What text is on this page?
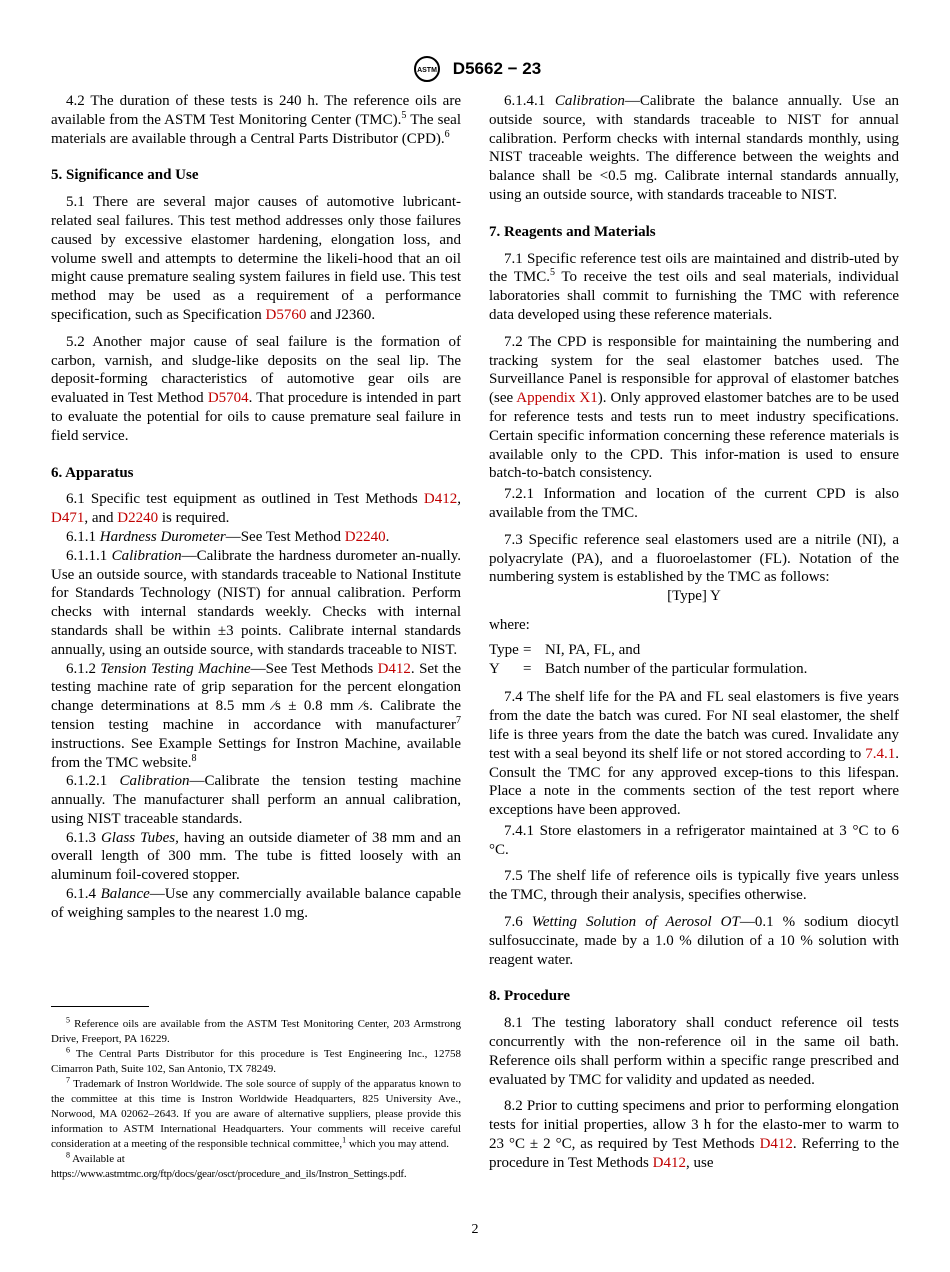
ASTM D5662 − 23

4.2 The duration of these tests is 240 h. The reference oils are available from the ASTM Test Monitoring Center (TMC).$^5$ The seal materials are available through a Central Parts Distributor (CPD).$^6$

5. Significance and Use

5.1 There are several major causes of automotive lubricant-related seal failures. This test method addresses only those failures caused by excessive elastomer hardening, elongation loss, and volume swell and attempts to determine the likeli-hood that an oil might cause premature sealing system failures in field use. This test method may be used as a requirement of a performance specification, such as Specification D5760 and J2360.

5.2 Another major cause of seal failure is the formation of carbon, varnish, and sludge-like deposits on the seal lip. The deposit-forming characteristics of automotive gear oils are evaluated in Test Method D5704. That procedure is intended in part to evaluate the potential for oils to cause premature seal failure in field service.

6. Apparatus

6.1 Specific test equipment as outlined in Test Methods D412, D471, and D2240 is required.

6.1.1 Hardness Durometer—See Test Method D2240.

6.1.1.1 Calibration—Calibrate the hardness durometer an-nually. Use an outside source, with standards traceable to National Institute for Standards Technology (NIST) for annual calibration. Perform checks with internal standards weekly. Checks with internal standards shall be within ±3 points. Calibrate internal standards annually, using an outside source, with standards traceable to NIST.

6.1.2 Tension Testing Machine—See Test Methods D412. Set the testing machine rate of grip separation for the percent elongation change determinations at 8.5 mm ⁄s ± 0.8 mm ⁄s. Calibrate the tension testing machine in accordance with manufacturer$^7$ instructions. See Example Settings for Instron Machine, available from the TMC website.$^8$

6.1.2.1 Calibration—Calibrate the tension testing machine annually. The manufacturer shall perform an annual calibration, using NIST traceable standards.

6.1.3 Glass Tubes, having an outside diameter of 38 mm and an overall length of 300 mm. The tube is fitted loosely with an aluminum foil-covered stopper.

6.1.4 Balance—Use any commercially available balance capable of weighing samples to the nearest 1.0 mg.

$^5$ Reference oils are available from the ASTM Test Monitoring Center, 203 Armstrong Drive, Freeport, PA 16229.

$^6$ The Central Parts Distributor for this procedure is Test Engineering Inc., 12758 Cimarron Path, Suite 102, San Antonio, TX 78249.

$^7$ Trademark of Instron Worldwide. The sole source of supply of the apparatus known to the committee at this time is Instron Worldwide Headquarters, 825 University Ave., Norwood, MA 02062–2643. If you are aware of alternative suppliers, please provide this information to ASTM International Headquarters. Your comments will receive careful consideration at a meeting of the responsible technical committee,$^1$ which you may attend.

$^8$ Available at

https://www.astmtmc.org/ftp/docs/gear/osct/procedure_and_ils/Instron_Settings.pdf.

6.1.4.1 Calibration—Calibrate the balance annually. Use an outside source, with standards traceable to NIST for annual calibration. Perform checks with internal standards monthly, using NIST traceable weights. The difference between the weights and balance shall be <0.5 mg. Calibrate internal standards annually, using an outside source, with standards traceable to NIST.

7. Reagents and Materials

7.1 Specific reference test oils are maintained and distrib-uted by the TMC.$^5$ To receive the test oils and seal materials, individual laboratories shall commit to furnishing the TMC with reference data developed using these reference materials.

7.2 The CPD is responsible for maintaining the numbering and tracking system for the seal elastomer batches used. The Surveillance Panel is responsible for approval of elastomer batches (see Appendix X1). Only approved elastomer batches are to be used for reference tests and tests run to meet industry specifications. Certain specific information concerning these reference materials is available only to the CPD. This infor-mation is used to ensure batch-to-batch consistency.

7.2.1 Information and location of the current CPD is also available from the TMC.

7.3 Specific reference seal elastomers used are a nitrile (NI), a polyacrylate (PA), and a fluoroelastomer (FL). Notation of the numbering system is established by the TMC as follows:

[Type] Y

where:

Type = NI, PA, FL, and
Y	= Batch number of the particular formulation.

7.4 The shelf life for the PA and FL seal elastomers is five years from the date the batch was cured. For NI seal elastomer, the shelf life is three years from the date the batch was cured. Invalidate any test with a seal beyond its shelf life or not stored according to 7.4.1. Consult the TMC for any approved excep-tions to this lifespan. Place a note in the comments section of the test report where exceptions have been approved.

7.4.1 Store elastomers in a refrigerator maintained at 3 °C to 6 °C.

7.5 The shelf life of reference oils is typically five years unless the TMC, through their analysis, specifies otherwise.

7.6 Wetting Solution of Aerosol OT—0.1 % sodium diocytl sulfosuccinate, made by a 1.0 % dilution of a 10 % solution with reagent water.

8. Procedure

8.1 The testing laboratory shall conduct reference oil tests concurrently with the non-reference oil in the same oil bath. Reference oils shall perform within a specific range prescribed and evaluated by TMC for validity and updated as needed.

8.2 Prior to cutting specimens and prior to performing elongation tests for initial properties, allow 3 h for the elasto-mer to warm to 23 °C ± 2 °C, as required by Test Methods D412. Referring to the procedure in Test Methods D412, use

2
